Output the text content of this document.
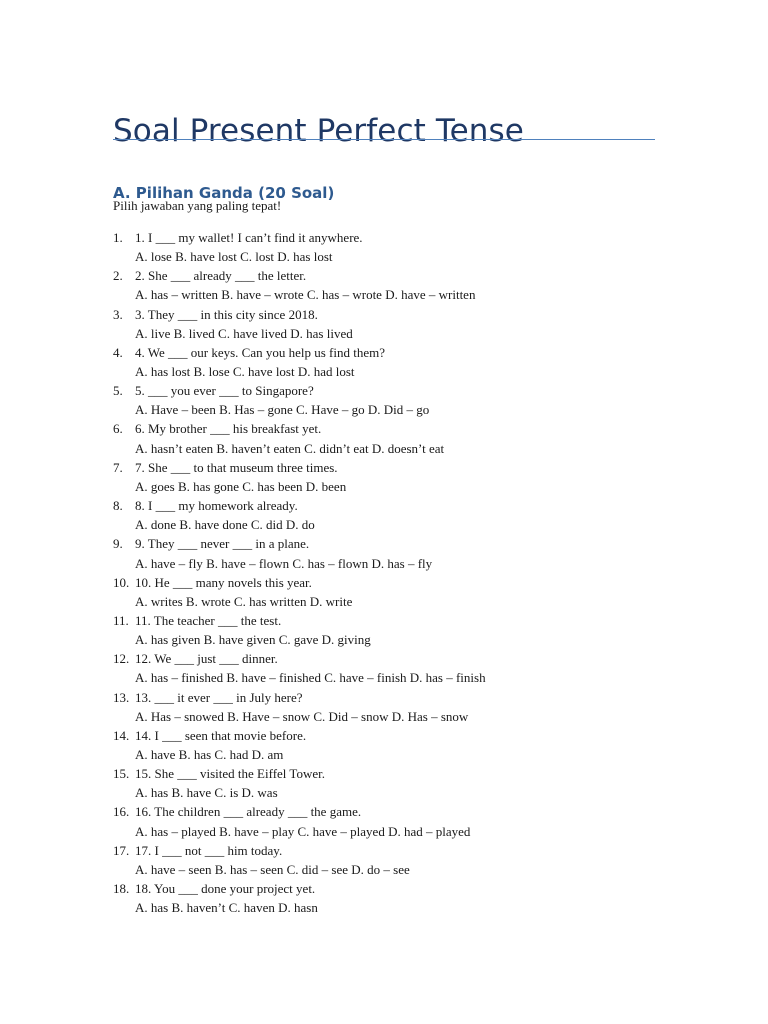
Soal Present Perfect Tense
A. Pilihan Ganda (20 Soal)
Pilih jawaban yang paling tepat!
1. 1. I ___ my wallet! I can’t find it anywhere.
A. lose B. have lost C. lost D. has lost
2. 2. She ___ already ___ the letter.
A. has – written B. have – wrote C. has – wrote D. have – written
3. 3. They ___ in this city since 2018.
A. live B. lived C. have lived D. has lived
4. 4. We ___ our keys. Can you help us find them?
A. has lost B. lose C. have lost D. had lost
5. 5. ___ you ever ___ to Singapore?
A. Have – been B. Has – gone C. Have – go D. Did – go
6. 6. My brother ___ his breakfast yet.
A. hasn’t eaten B. haven’t eaten C. didn’t eat D. doesn’t eat
7. 7. She ___ to that museum three times.
A. goes B. has gone C. has been D. been
8. 8. I ___ my homework already.
A. done B. have done C. did D. do
9. 9. They ___ never ___ in a plane.
A. have – fly B. have – flown C. has – flown D. has – fly
10. 10. He ___ many novels this year.
A. writes B. wrote C. has written D. write
11. 11. The teacher ___ the test.
A. has given B. have given C. gave D. giving
12. 12. We ___ just ___ dinner.
A. has – finished B. have – finished C. have – finish D. has – finish
13. 13. ___ it ever ___ in July here?
A. Has – snowed B. Have – snow C. Did – snow D. Has – snow
14. 14. I ___ seen that movie before.
A. have B. has C. had D. am
15. 15. She ___ visited the Eiffel Tower.
A. has B. have C. is D. was
16. 16. The children ___ already ___ the game.
A. has – played B. have – play C. have – played D. had – played
17. 17. I ___ not ___ him today.
A. have – seen B. has – seen C. did – see D. do – see
18. 18. You ___ done your project yet.
A. has B. haven’t C. haven D. hasn
